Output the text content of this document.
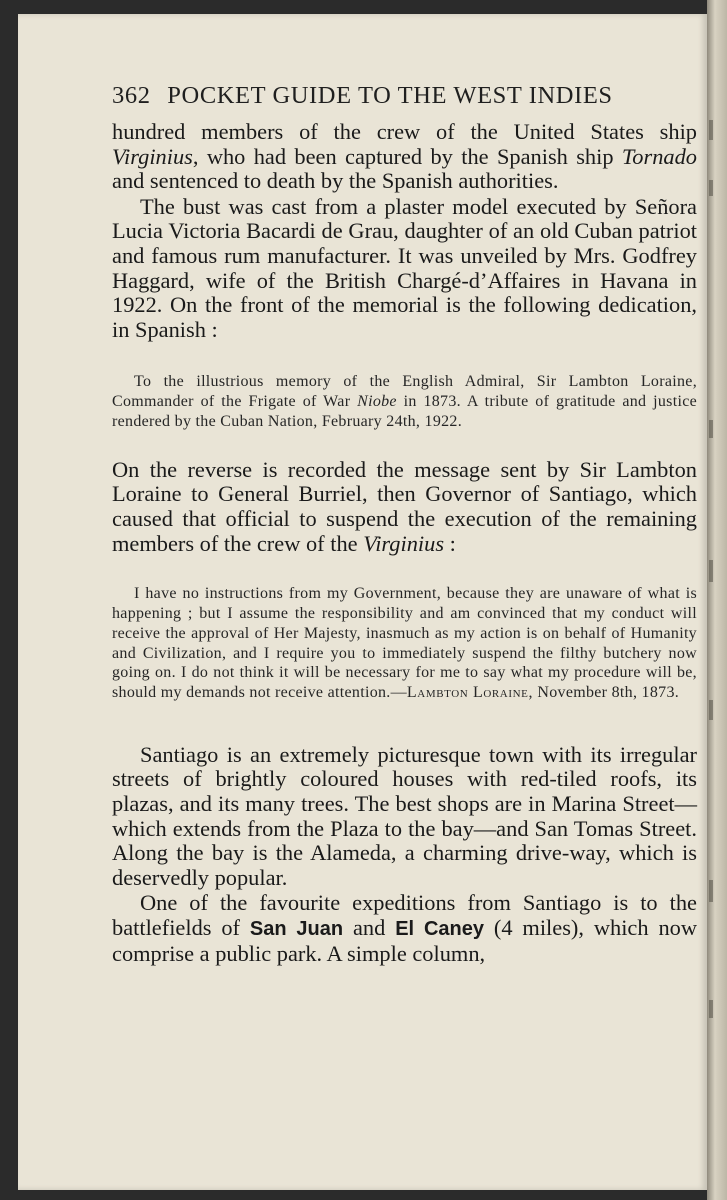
362 POCKET GUIDE TO THE WEST INDIES

hundred members of the crew of the United States ship Virginius, who had been captured by the Spanish ship Tornado and sentenced to death by the Spanish authorities.

The bust was cast from a plaster model executed by Señora Lucia Victoria Bacardi de Grau, daughter of an old Cuban patriot and famous rum manufacturer. It was unveiled by Mrs. Godfrey Haggard, wife of the British Chargé-d’Affaires in Havana in 1922. On the front of the memorial is the following dedication, in Spanish :

To the illustrious memory of the English Admiral, Sir Lambton Loraine, Commander of the Frigate of War Niobe in 1873. A tribute of gratitude and justice rendered by the Cuban Nation, February 24th, 1922.

On the reverse is recorded the message sent by Sir Lambton Loraine to General Burriel, then Governor of Santiago, which caused that official to suspend the execution of the remaining members of the crew of the Virginius :

I have no instructions from my Government, because they are unaware of what is happening ; but I assume the responsibility and am convinced that my conduct will receive the approval of Her Majesty, inasmuch as my action is on behalf of Humanity and Civilization, and I require you to immediately suspend the filthy butchery now going on. I do not think it will be necessary for me to say what my procedure will be, should my demands not receive attention.—Lambton Loraine, November 8th, 1873.

Santiago is an extremely picturesque town with its irregular streets of brightly coloured houses with red-tiled roofs, its plazas, and its many trees. The best shops are in Marina Street—which extends from the Plaza to the bay—and San Tomas Street. Along the bay is the Alameda, a charming drive-way, which is deservedly popular.

One of the favourite expeditions from Santiago is to the battlefields of San Juan and El Caney (4 miles), which now comprise a public park. A simple column,
